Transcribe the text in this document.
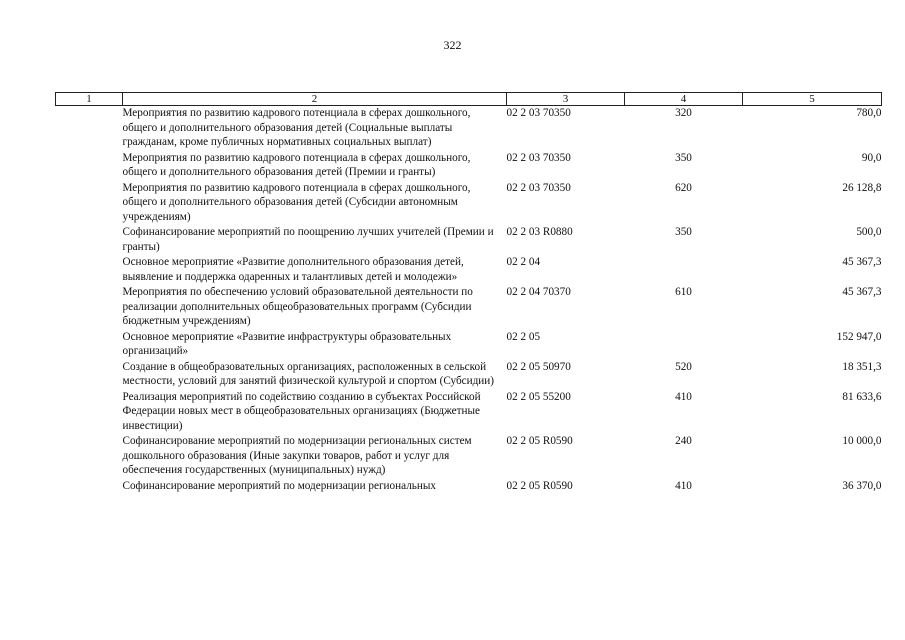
322
1	2	3	4	5
	Мероприятия по развитию кадрового потенциала в сферах дошкольного, общего и дополнительного образования детей (Социальные выплаты гражданам, кроме публичных нормативных социальных выплат)	02 2 03 70350	320	780,0
	Мероприятия по развитию кадрового потенциала в сферах дошкольного, общего и дополнительного образования детей (Премии и гранты)	02 2 03 70350	350	90,0
	Мероприятия по развитию кадрового потенциала в сферах дошкольного, общего и дополнительного образования детей (Субсидии автономным учреждениям)	02 2 03 70350	620	26 128,8
	Софинансирование мероприятий по поощрению лучших учителей (Премии и гранты)	02 2 03 R0880	350	500,0
	Основное мероприятие «Развитие дополнительного образования детей, выявление и поддержка одаренных и талантливых детей и молодежи»	02 2 04		45 367,3
	Мероприятия по обеспечению условий образовательной деятельности по реализации дополнительных общеобразовательных программ (Субсидии бюджетным учреждениям)	02 2 04 70370	610	45 367,3
	Основное мероприятие «Развитие инфраструктуры образовательных организаций»	02 2 05		152 947,0
	Создание в общеобразовательных организациях, расположенных в сельской местности, условий для занятий физической культурой и спортом (Субсидии)	02 2 05 50970	520	18 351,3
	Реализация мероприятий по содействию созданию в субъектах Российской Федерации новых мест в общеобразовательных организациях (Бюджетные инвестиции)	02 2 05 55200	410	81 633,6
	Софинансирование мероприятий по модернизации региональных систем дошкольного образования (Иные закупки товаров, работ и услуг для обеспечения государственных (муниципальных) нужд)	02 2 05 R0590	240	10 000,0
	Софинансирование мероприятий по модернизации региональных	02 2 05 R0590	410	36 370,0
